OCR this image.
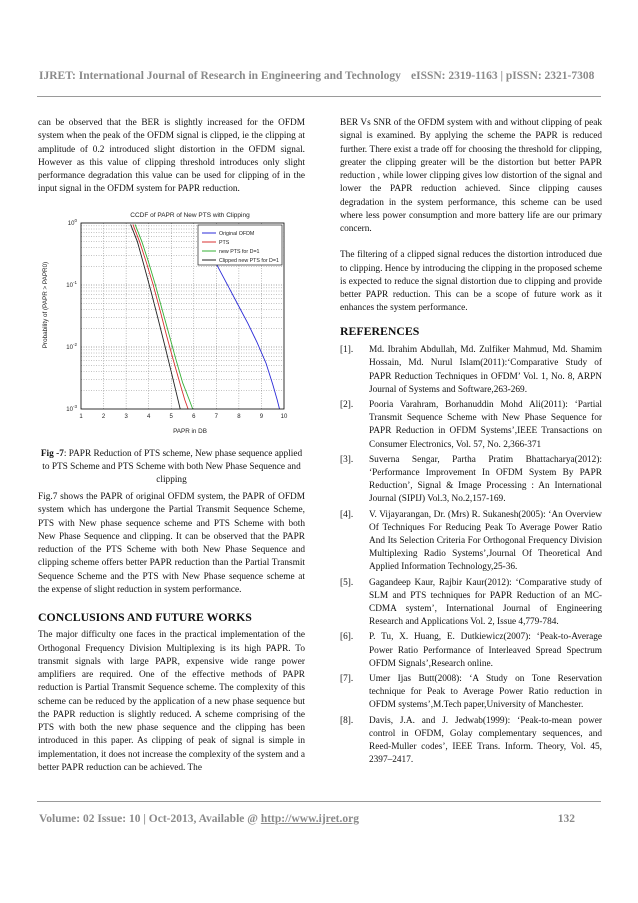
IJRET: International Journal of Research in Engineering and Technology eISSN: 2319-1163 | pISSN: 2321-7308

can be observed that the BER is slightly increased for the OFDM system when the peak of the OFDM signal is clipped, ie the clipping at amplitude of 0.2 introduced slight distortion in the OFDM signal. However as this value of clipping threshold introduces only slight performance degradation this value can be used for clipping of in the input signal in the OFDM system for PAPR reduction.

CCDF of PAPR of New PTS with Clipping
Probability of (PAPR > PAPR0)
PAPR in DB
1	2	3	4	5	6	7	8	9	10
$10^0$
$10^{-1}$
$10^{-2}$
$10^{-3}$
Original OFDM
PTS
new PTS for D=1
Clipped new PTS for D=1
Fig -7: PAPR Reduction of PTS scheme, New phase sequence applied to PTS Scheme and PTS Scheme with both New Phase Sequence and clipping

Fig.7 shows the PAPR of original OFDM system, the PAPR of OFDM system which has undergone the Partial Transmit Sequence Scheme, PTS with New phase sequence scheme and PTS Scheme with both New Phase Sequence and clipping. It can be observed that the PAPR reduction of the PTS Scheme with both New Phase Sequence and clipping scheme offers better PAPR reduction than the Partial Transmit Sequence Scheme and the PTS with New Phase sequence scheme at the expense of slight reduction in system performance.

CONCLUSIONS AND FUTURE WORKS

The major difficulty one faces in the practical implementation of the Orthogonal Frequency Division Multiplexing is its high PAPR. To transmit signals with large PAPR, expensive wide range power amplifiers are required. One of the effective methods of PAPR reduction is Partial Transmit Sequence scheme. The complexity of this scheme can be reduced by the application of a new phase sequence but the PAPR reduction is slightly reduced. A scheme comprising of the PTS with both the new phase sequence and the clipping has been introduced in this paper. As clipping of peak of signal is simple in implementation, it does not increase the complexity of the system and a better PAPR reduction can be achieved. The

BER Vs SNR of the OFDM system with and without clipping of peak signal is examined. By applying the scheme the PAPR is reduced further. There exist a trade off for choosing the threshold for clipping, greater the clipping greater will be the distortion but better PAPR reduction , while lower clipping gives low distortion of the signal and lower the PAPR reduction achieved. Since clipping causes degradation in the system performance, this scheme can be used where less power consumption and more battery life are our primary concern.

The filtering of a clipped signal reduces the distortion introduced due to clipping. Hence by introducing the clipping in the proposed scheme is expected to reduce the signal distortion due to clipping and provide better PAPR reduction. This can be a scope of future work as it enhances the system performance.

REFERENCES

[1]. Md. Ibrahim Abdullah, Md. Zulfiker Mahmud, Md. Shamim Hossain, Md. Nurul Islam(2011):‘Comparative Study of PAPR Reduction Techniques in OFDM’ Vol. 1, No. 8, ARPN Journal of Systems and Software,263-269.
[2]. Pooria Varahram, Borhanuddin Mohd Ali(2011): ‘Partial Transmit Sequence Scheme with New Phase Sequence for PAPR Reduction in OFDM Systems’,IEEE Transactions on Consumer Electronics, Vol. 57, No. 2,366-371
[3]. Suverna Sengar, Partha Pratim Bhattacharya(2012): ‘Performance Improvement In OFDM System By PAPR Reduction’, Signal & Image Processing : An International Journal (SIPIJ) Vol.3, No.2,157-169.
[4]. V. Vijayarangan, Dr. (Mrs) R. Sukanesh(2005): ‘An Overview Of Techniques For Reducing Peak To Average Power Ratio And Its Selection Criteria For Orthogonal Frequency Division Multiplexing Radio Systems’,Journal Of Theoretical And Applied Information Technology,25-36.
[5]. Gagandeep Kaur, Rajbir Kaur(2012): ‘Comparative study of SLM and PTS techniques for PAPR Reduction of an MC-CDMA system’, International Journal of Engineering Research and Applications Vol. 2, Issue 4,779-784.
[6]. P. Tu, X. Huang, E. Dutkiewicz(2007): ‘Peak-to-Average Power Ratio Performance of Interleaved Spread Spectrum OFDM Signals’,Research online.
[7]. Umer Ijas Butt(2008): ‘A Study on Tone Reservation technique for Peak to Average Power Ratio reduction in OFDM systems’,M.Tech paper,University of Manchester.
[8]. Davis, J.A. and J. Jedwab(1999): ‘Peak-to-mean power control in OFDM, Golay complementary sequences, and Reed-Muller codes’, IEEE Trans. Inform. Theory, Vol. 45, 2397–2417.
Volume: 02 Issue: 10 | Oct-2013, Available @ http://www.ijret.org	132
